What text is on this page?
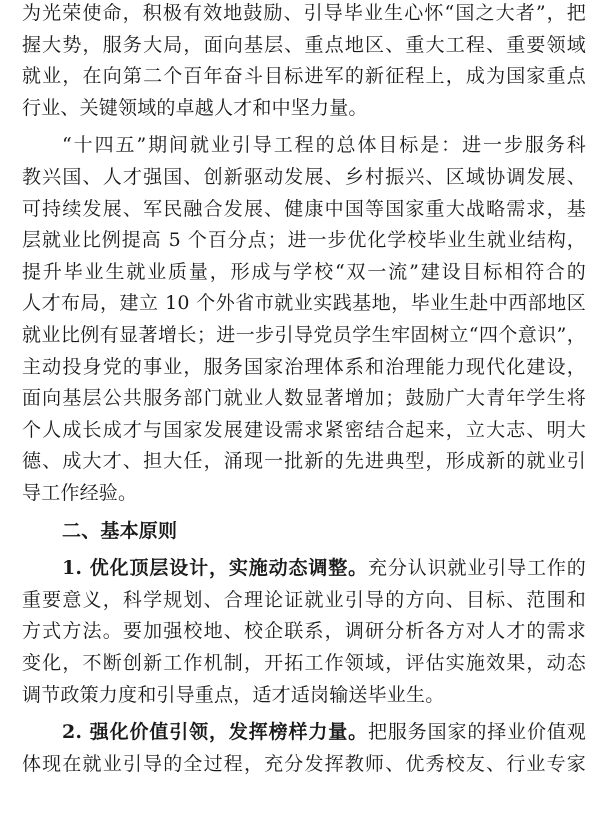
为光荣使命，积极有效地鼓励、引导毕业生心怀“国之大者”，把
握大势，服务大局，面向基层、重点地区、重大工程、重要领域
就业，在向第二个百年奋斗目标进军的新征程上，成为国家重点
行业、关键领域的卓越人才和中坚力量。
“十四五”期间就业引导工程的总体目标是：进一步服务科
教兴国、人才强国、创新驱动发展、乡村振兴、区域协调发展、
可持续发展、军民融合发展、健康中国等国家重大战略需求，基
层就业比例提高 5 个百分点；进一步优化学校毕业生就业结构，
提升毕业生就业质量，形成与学校“双一流”建设目标相符合的
人才布局，建立 10 个外省市就业实践基地，毕业生赴中西部地区
就业比例有显著增长；进一步引导党员学生牢固树立“四个意识”，
主动投身党的事业，服务国家治理体系和治理能力现代化建设，
面向基层公共服务部门就业人数显著增加；鼓励广大青年学生将
个人成长成才与国家发展建设需求紧密结合起来，立大志、明大
德、成大才、担大任，涌现一批新的先进典型，形成新的就业引
导工作经验。
二、基本原则
1. 优化顶层设计，实施动态调整。充分认识就业引导工作的
重要意义，科学规划、合理论证就业引导的方向、目标、范围和
方式方法。要加强校地、校企联系，调研分析各方对人才的需求
变化，不断创新工作机制，开拓工作领域，评估实施效果，动态
调节政策力度和引导重点，适才适岗输送毕业生。
2. 强化价值引领，发挥榜样力量。把服务国家的择业价值观
体现在就业引导的全过程，充分发挥教师、优秀校友、行业专家
